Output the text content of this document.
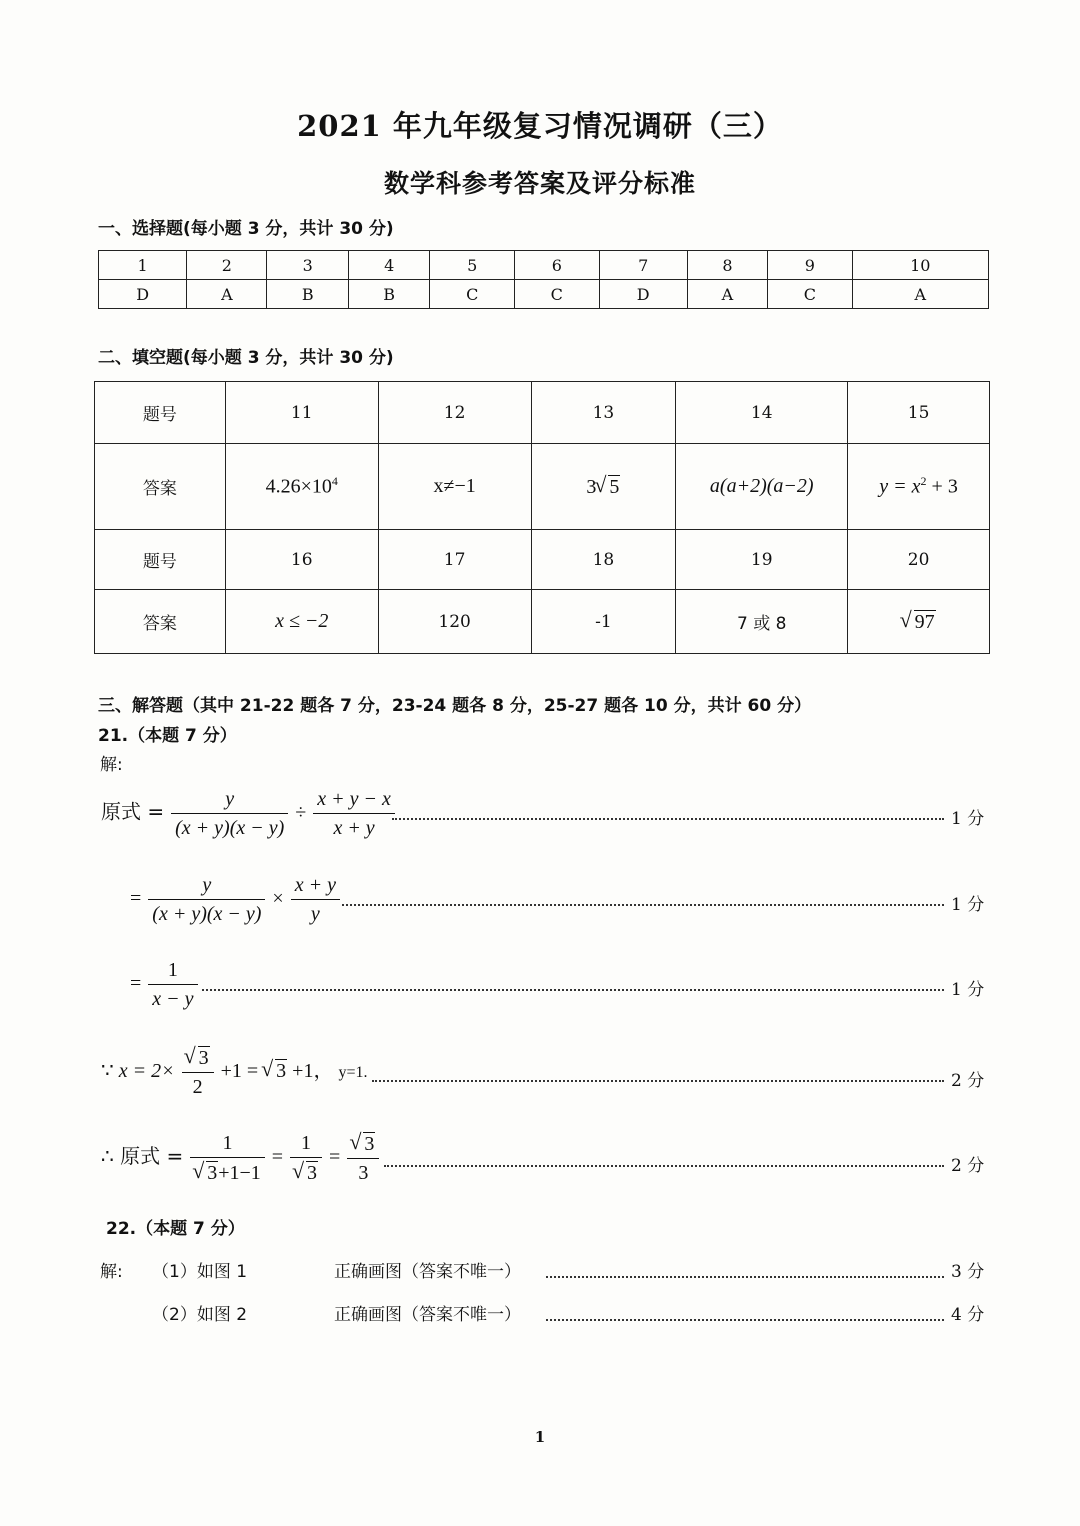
2021 年九年级复习情况调研（三）
数学科参考答案及评分标准
一、选择题(每小题 3 分，共计 30 分)
1	2	3	4	5	6	7	8	9	10
D	A	B	B	C	C	D	A	C	A
二、填空题(每小题 3 分，共计 30 分)
题号	11	12	13	14	15
答案	$4.26\times 10^4$	x≠−1	3 √ 5	a(a+2)(a−2)	$y = x^2 + 3$
题号	16	17	18	19	20
答案	x ≤ −2	120	-1	7 或 8	√ 97
三、解答题（其中 21-22 题各 7 分，23-24 题各 8 分，25-27 题各 10 分，共计 60 分）
21.（本题 7 分）
解:
原式 = $\frac{y}{(x + y)(x - y)} \div \frac{x + y - x}{x + y}$	1 分
= $\frac{y}{(x + y)(x - y)} \times \frac{x + y}{y}$	1 分
= $\frac{1}{x - y}$	1 分
∵ x = 2× √ $\frac{3}{2} +1$ = √ 3 +1， y=1.	2 分
∴ 原式 = 1
√ 3+1−1 = 1
√ 3 = √ $\frac{3}{3}$	2 分
22.（本题 7 分）
解: （1）如图 1	正确画图（答案不唯一）	3 分
（2）如图 2	正确画图（答案不唯一）	4 分
1
